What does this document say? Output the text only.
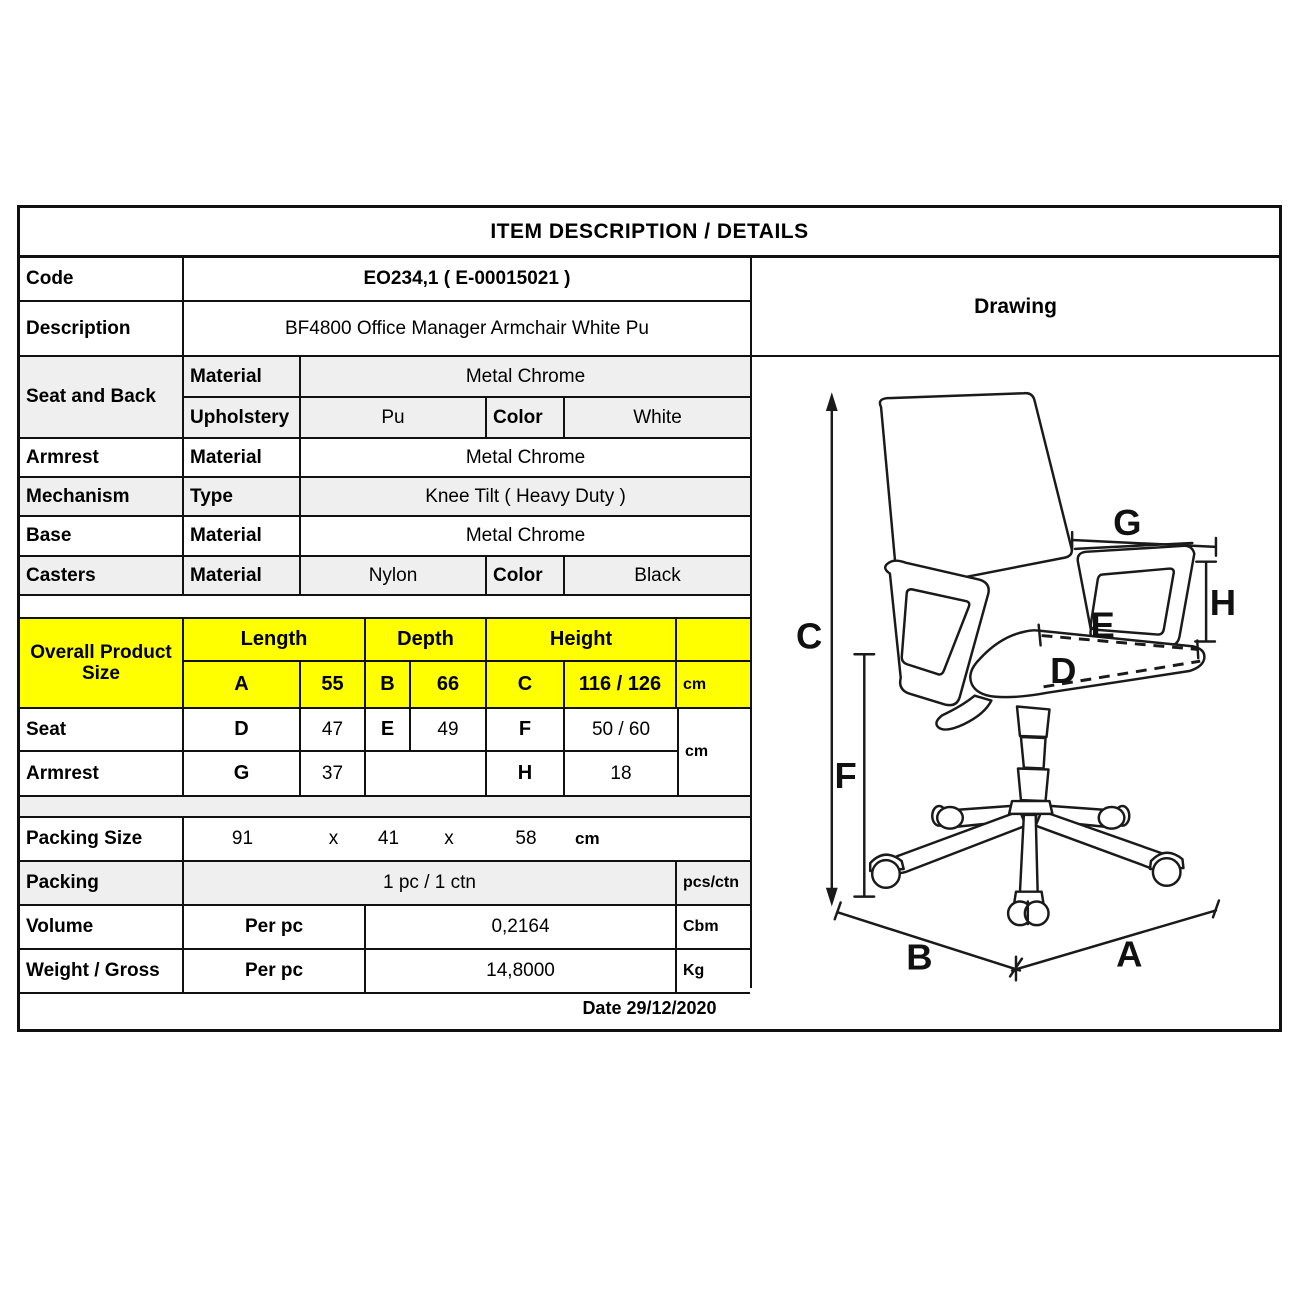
ITEM DESCRIPTION / DETAILS
Code	EO234,1 ( E-00015021 )
Description	BF4800 Office Manager Armchair White Pu
Seat and Back
Material	Metal Chrome
Upholstery	Pu	Color	White
Armrest	Material	Metal Chrome
Mechanism	Type	Knee Tilt ( Heavy Duty )
Base	Material	Metal Chrome
Casters	Material	Nylon	Color	Black
Overall Product Size
Length	Depth	Height
A	55	B	66	C	116 / 126	cm
Seat	D	47	E	49	F	50 / 60
Armrest	G	37	H	18
cm
Packing Size	91	x	41	x	58	cm
Packing	1 pc / 1 ctn	pcs/ctn
Volume	Per pc	0,2164	Cbm
Weight / Gross	Per pc	14,8000	Kg
Drawing
C
F
G
H
E
D
B	A
Date 29/12/2020
